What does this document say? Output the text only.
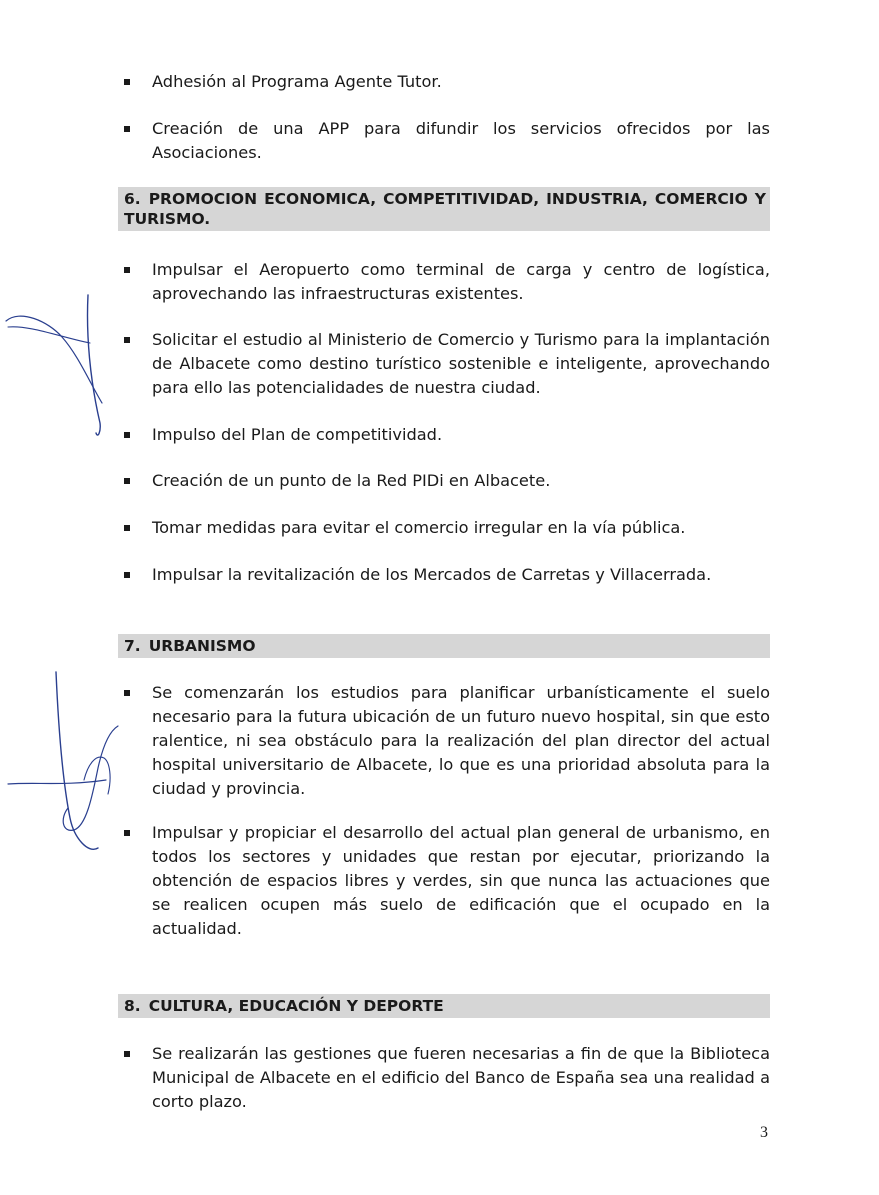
Adhesión al Programa Agente Tutor.
Creación de una APP para difundir los servicios ofrecidos por las Asociaciones.
6. PROMOCION ECONOMICA, COMPETITIVIDAD, INDUSTRIA, COMERCIO Y TURISMO.
Impulsar el Aeropuerto como terminal de carga y centro de logística, aprovechando las infraestructuras existentes.
Solicitar el estudio al Ministerio de Comercio y Turismo para la implantación de Albacete como destino turístico sostenible e inteligente, aprovechando para ello las potencialidades de nuestra ciudad.
Impulso del Plan de competitividad.
Creación de un punto de la Red PIDi en Albacete.
Tomar medidas para evitar el comercio irregular en la vía pública.
Impulsar la revitalización de los Mercados de Carretas y Villacerrada.
7. URBANISMO
Se comenzarán los estudios para planificar urbanísticamente el suelo necesario para la futura ubicación de un futuro nuevo hospital, sin que esto ralentice, ni sea obstáculo para la realización del plan director del actual hospital universitario de Albacete, lo que es una prioridad absoluta para la ciudad y provincia.
Impulsar y propiciar el desarrollo del actual plan general de urbanismo, en todos los sectores y unidades que restan por ejecutar, priorizando la obtención de espacios libres y verdes, sin que nunca las actuaciones que se realicen ocupen más suelo de edificación que el ocupado en la actualidad.
8. CULTURA, EDUCACIÓN Y DEPORTE
Se realizarán las gestiones que fueren necesarias a fin de que la Biblioteca Municipal de Albacete en el edificio del Banco de España sea una realidad a corto plazo.
3
